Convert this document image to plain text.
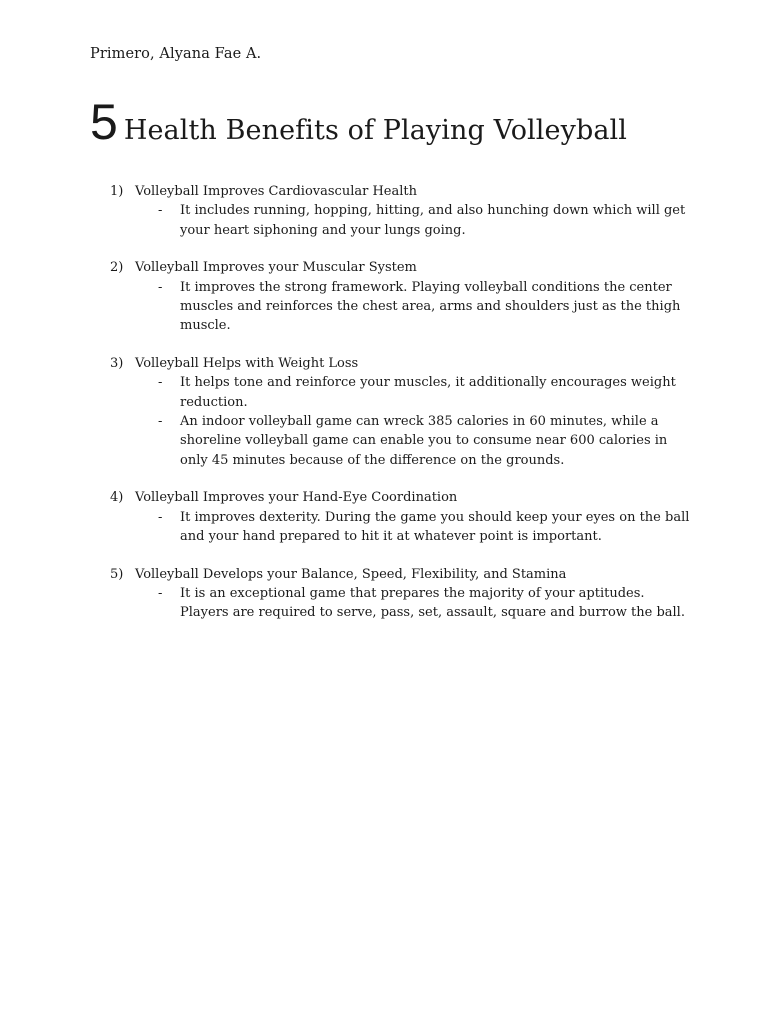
Primero, Alyana Fae A.
5 Health Benefits of Playing Volleyball
1) Volleyball Improves Cardiovascular Health
-	It includes running, hopping, hitting, and also hunching down which will get your heart siphoning and your lungs going.
2) Volleyball Improves your Muscular System
-	It improves the strong framework. Playing volleyball conditions the center muscles and reinforces the chest area, arms and shoulders just as the thigh muscle.
3) Volleyball Helps with Weight Loss
-	It helps tone and reinforce your muscles, it additionally encourages weight reduction.
-	An indoor volleyball game can wreck 385 calories in 60 minutes, while a shoreline volleyball game can enable you to consume near 600 calories in only 45 minutes because of the difference on the grounds.
4) Volleyball Improves your Hand-Eye Coordination
-	It improves dexterity. During the game you should keep your eyes on the ball and your hand prepared to hit it at whatever point is important.
5) Volleyball Develops your Balance, Speed, Flexibility, and Stamina
-	It is an exceptional game that prepares the majority of your aptitudes. Players are required to serve, pass, set, assault, square and burrow the ball.
